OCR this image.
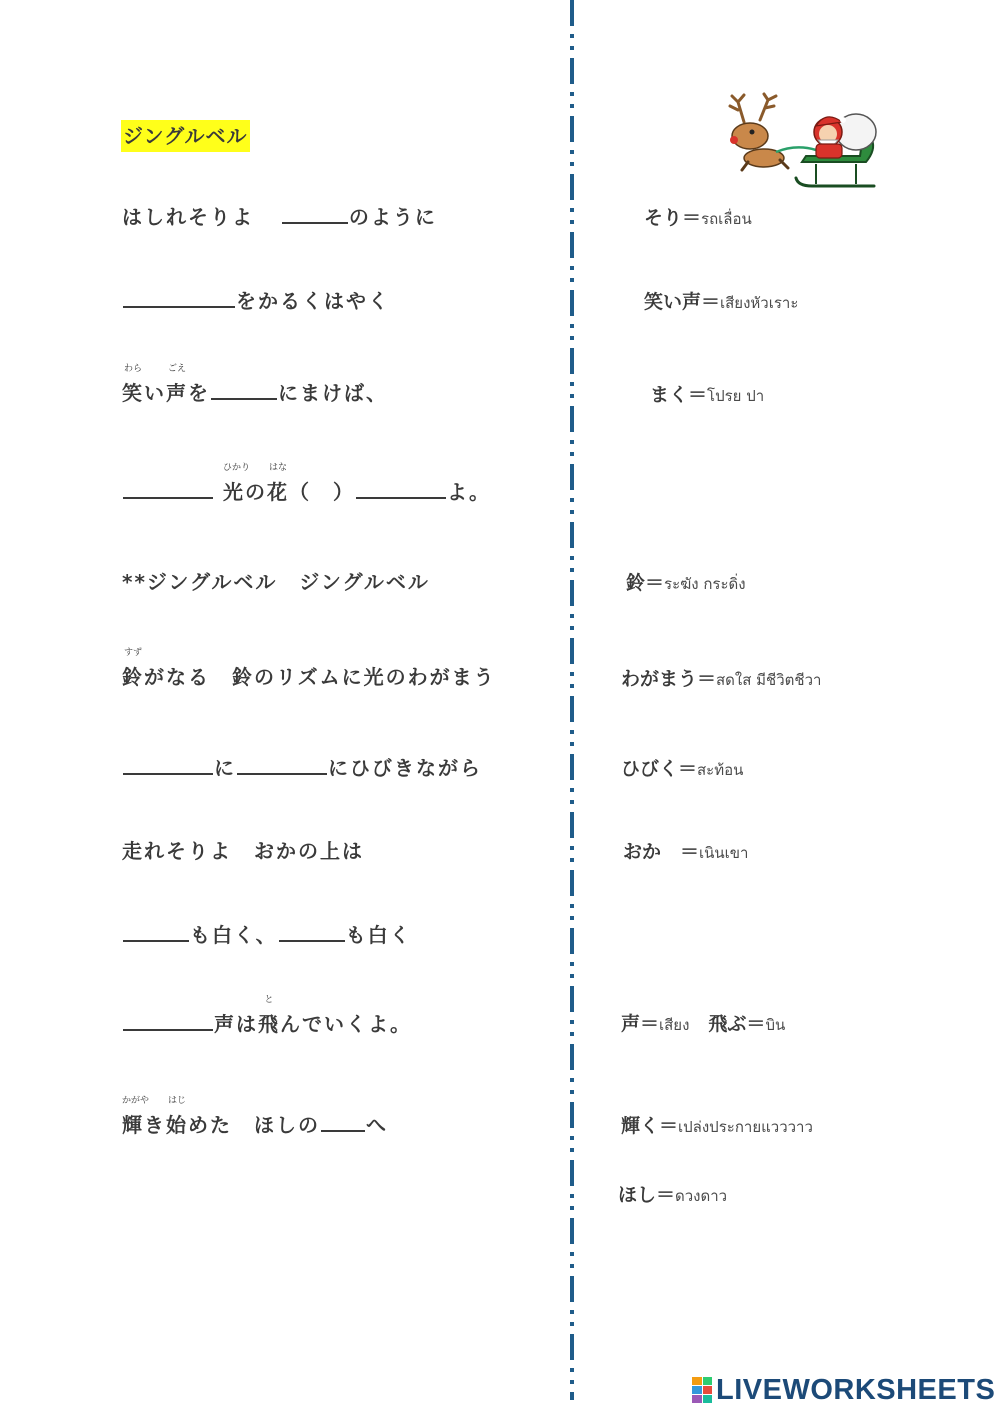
ジングルベル
はしれそりよ	のように
をかるくはやく
わら
笑い
ごえ
声を	にまけば、

ひかり
光の
はな
花（　）	よ。
**ジングルベル　ジングルベル
すず
鈴がなる　鈴のリズムに光のわがまう
に	にひびきながら
走れそりよ　おかの上は
も白く、	も白く
声は
と
飛んでいくよ。
かがや
輝き
はじ
始めた　ほしの へ
そり＝รถเลื่อน
笑い声＝เสียงหัวเราะ
まく＝โปรย ปา
鈴＝ระฆัง กระดิ่ง
わがまう＝สดใส มีชีวิตชีวา
ひびく＝สะท้อน
おか　＝เนินเขา
声＝เสียง　飛ぶ＝บิน
輝く＝เปล่งประกายแวววาว
ほし＝ดวงดาว
LIVEWORKSHEETS
